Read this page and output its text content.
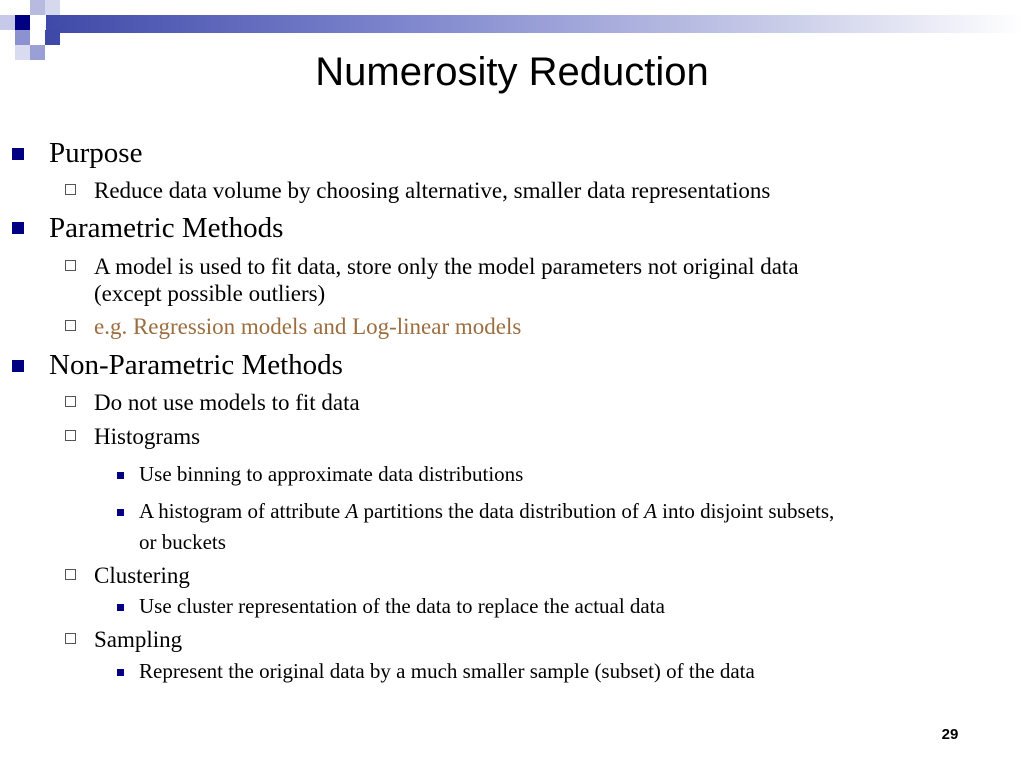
Numerosity Reduction
Purpose
Reduce data volume by choosing alternative, smaller data representations
Parametric Methods
A model is used to fit data, store only the model parameters not original data
(except possible outliers)
e.g. Regression models and Log-linear models
Non-Parametric Methods
Do not use models to fit data
Histograms
Use binning to approximate data distributions
A histogram of attribute A partitions the data distribution of A into disjoint subsets,
or buckets
Clustering
Use cluster representation of the data to replace the actual data
Sampling
Represent the original data by a much smaller sample (subset) of the data
29
